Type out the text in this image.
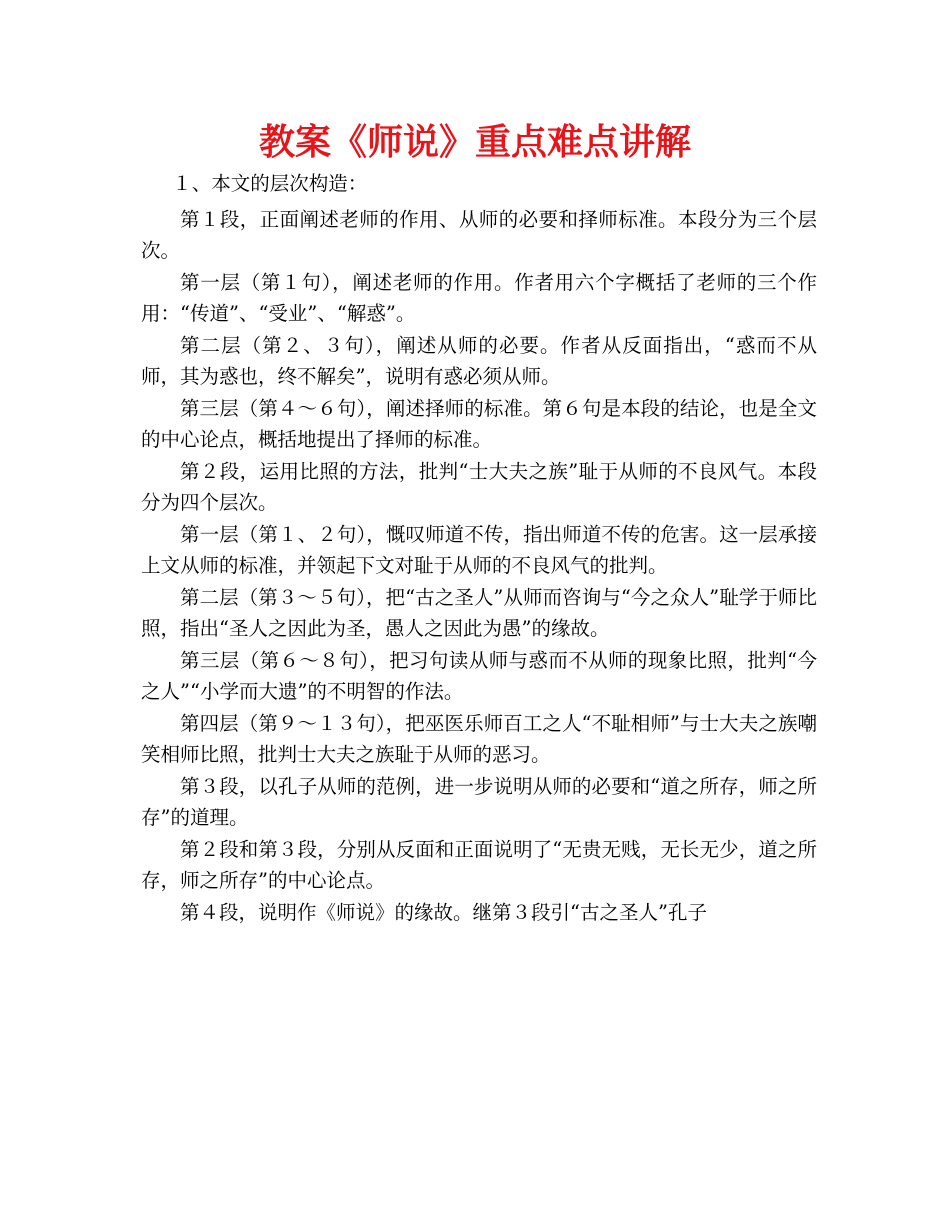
教案《师说》重点难点讲解

１、本文的层次构造：

第１段，正面阐述老师的作用、从师的必要和择师标准。本段分为三个层次。

第一层（第１句），阐述老师的作用。作者用六个字概括了老师的三个作用：“传道”、“受业”、“解惑”。

第二层（第２、３句），阐述从师的必要。作者从反面指出，“惑而不从师，其为惑也，终不解矣”，说明有惑必须从师。

第三层（第４～６句），阐述择师的标准。第６句是本段的结论，也是全文的中心论点，概括地提出了择师的标准。

第２段，运用比照的方法，批判“士大夫之族”耻于从师的不良风气。本段分为四个层次。

第一层（第１、２句），慨叹师道不传，指出师道不传的危害。这一层承接上文从师的标准，并领起下文对耻于从师的不良风气的批判。

第二层（第３～５句），把“古之圣人”从师而咨询与“今之众人”耻学于师比照，指出“圣人之因此为圣，愚人之因此为愚”的缘故。

第三层（第６～８句），把习句读从师与惑而不从师的现象比照，批判“今之人”“小学而大遗”的不明智的作法。

第四层（第９～１３句），把巫医乐师百工之人“不耻相师”与士大夫之族嘲笑相师比照，批判士大夫之族耻于从师的恶习。

第３段，以孔子从师的范例，进一步说明从师的必要和“道之所存，师之所存”的道理。

第２段和第３段，分别从反面和正面说明了“无贵无贱，无长无少，道之所存，师之所存”的中心论点。

第４段，说明作《师说》的缘故。继第３段引“古之圣人”孔子
